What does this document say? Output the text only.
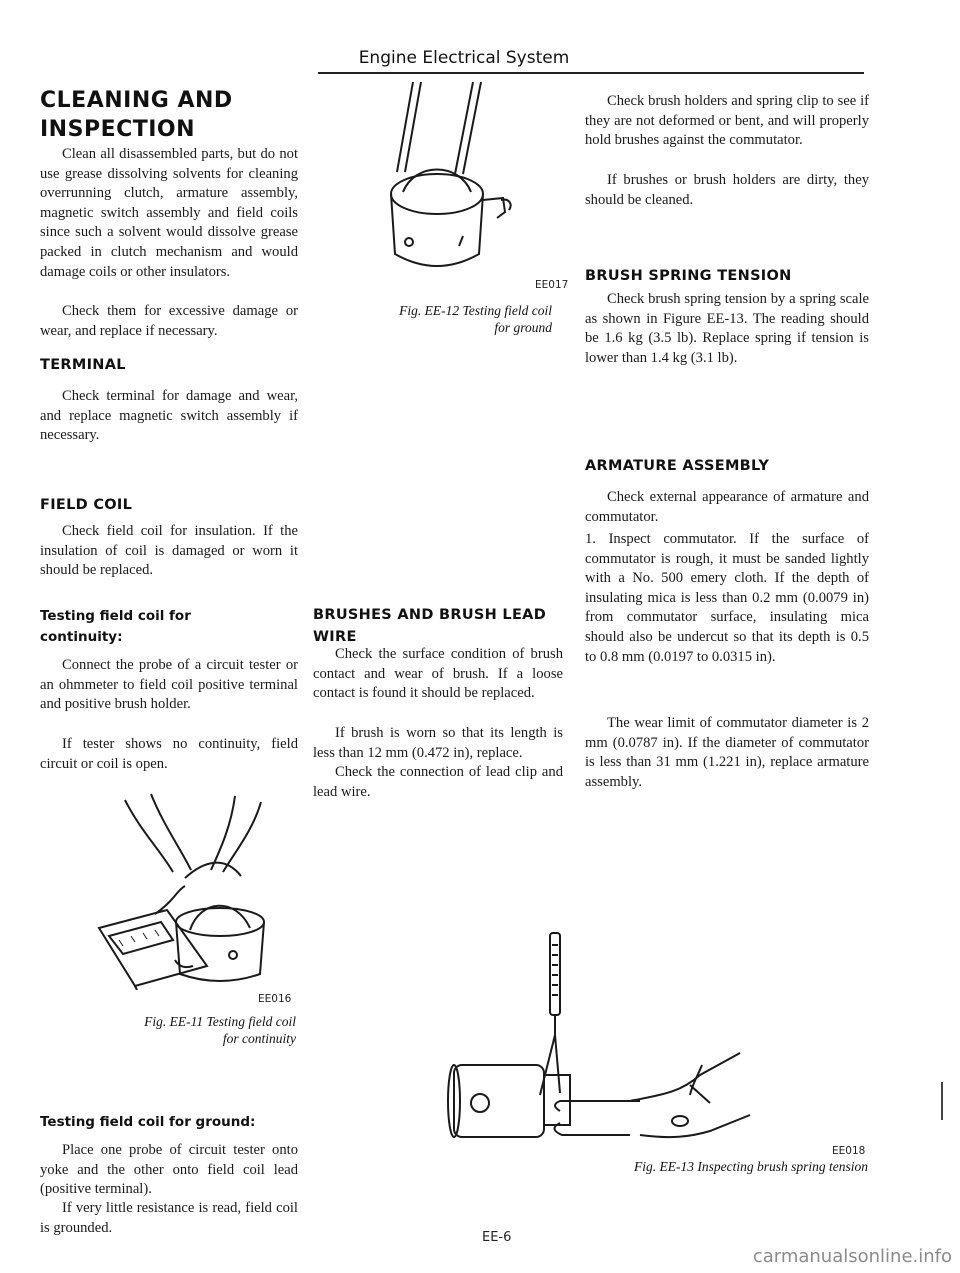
Engine Electrical System
CLEANING AND INSPECTION

Clean all disassembled parts, but do not use grease dissolving solvents for cleaning overrunning clutch, armature assembly, magnetic switch assembly and field coils since such a solvent would dissolve grease packed in clutch mechanism and would damage coils or other insulators.

Check them for excessive damage or wear, and replace if necessary.

TERMINAL

Check terminal for damage and wear, and replace magnetic switch assembly if necessary.

FIELD COIL

Check field coil for insulation. If the insulation of coil is damaged or worn it should be replaced.

Testing field coil for continuity:

Connect the probe of a circuit tester or an ohmmeter to field coil positive terminal and positive brush holder.

If tester shows no continuity, field circuit or coil is open.

EE016
Fig. EE-11 Testing field coil
for continuity
Testing field coil for ground:

Place one probe of circuit tester onto yoke and the other onto field coil lead (positive terminal).

If very little resistance is read, field coil is grounded.

EE017
Fig. EE-12 Testing field coil
for ground
BRUSHES AND BRUSH LEAD WIRE

Check the surface condition of brush contact and wear of brush. If a loose contact is found it should be replaced.

If brush is worn so that its length is less than 12 mm (0.472 in), replace.

Check the connection of lead clip and lead wire.

Check brush holders and spring clip to see if they are not deformed or bent, and will properly hold brushes against the commutator.

If brushes or brush holders are dirty, they should be cleaned.

BRUSH SPRING TENSION

Check brush spring tension by a spring scale as shown in Figure EE-13. The reading should be 1.6 kg (3.5 lb). Replace spring if tension is lower than 1.4 kg (3.1 lb).

ARMATURE ASSEMBLY

Check external appearance of armature and commutator.

1. Inspect commutator. If the surface of commutator is rough, it must be sanded lightly with a No. 500 emery cloth. If the depth of insulating mica is less than 0.2 mm (0.0079 in) from commutator surface, insulating mica should also be undercut so that its depth is 0.5 to 0.8 mm (0.0197 to 0.0315 in).

The wear limit of commutator diameter is 2 mm (0.0787 in). If the diameter of commutator is less than 31 mm (1.221 in), replace armature assembly.

EE018
Fig. EE-13 Inspecting brush spring tension
EE-6
carmanualsonline.info
